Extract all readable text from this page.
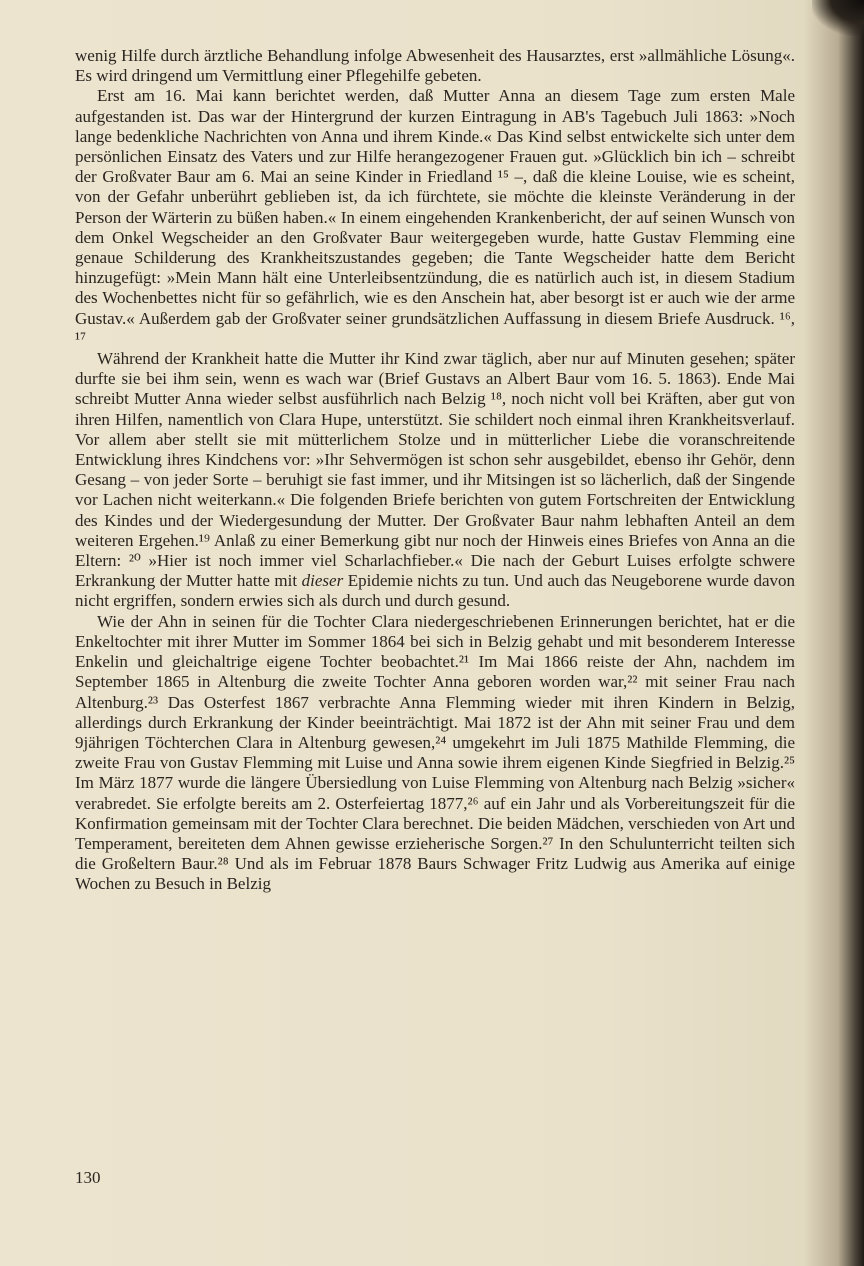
wenig Hilfe durch ärztliche Behandlung infolge Abwesenheit des Hausarztes, erst »allmähliche Lösung«. Es wird dringend um Vermittlung einer Pflegehilfe gebeten.

Erst am 16. Mai kann berichtet werden, daß Mutter Anna an diesem Tage zum ersten Male aufgestanden ist. Das war der Hintergrund der kurzen Eintragung in AB's Tagebuch Juli 1863: »Noch lange bedenkliche Nachrichten von Anna und ihrem Kinde.« Das Kind selbst entwickelte sich unter dem persönlichen Einsatz des Vaters und zur Hilfe herangezogener Frauen gut. »Glücklich bin ich – schreibt der Großvater Baur am 6. Mai an seine Kinder in Friedland ¹⁵ –, daß die kleine Louise, wie es scheint, von der Gefahr unberührt geblieben ist, da ich fürchtete, sie möchte die kleinste Veränderung in der Person der Wärterin zu büßen haben.« In einem eingehenden Krankenbericht, der auf seinen Wunsch von dem Onkel Wegscheider an den Großvater Baur weitergegeben wurde, hatte Gustav Flemming eine genaue Schilderung des Krankheitszustandes gegeben; die Tante Wegscheider hatte dem Bericht hinzugefügt: »Mein Mann hält eine Unterleibsentzündung, die es natürlich auch ist, in diesem Stadium des Wochenbettes nicht für so gefährlich, wie es den Anschein hat, aber besorgt ist er auch wie der arme Gustav.« Außerdem gab der Großvater seiner grundsätzlichen Auffassung in diesem Briefe Ausdruck. ¹⁶, ¹⁷

Während der Krankheit hatte die Mutter ihr Kind zwar täglich, aber nur auf Minuten gesehen; später durfte sie bei ihm sein, wenn es wach war (Brief Gustavs an Albert Baur vom 16. 5. 1863). Ende Mai schreibt Mutter Anna wieder selbst ausführlich nach Belzig ¹⁸, noch nicht voll bei Kräften, aber gut von ihren Hilfen, namentlich von Clara Hupe, unterstützt. Sie schildert noch einmal ihren Krankheitsverlauf. Vor allem aber stellt sie mit mütterlichem Stolze und in mütterlicher Liebe die voranschreitende Entwicklung ihres Kindchens vor: »Ihr Sehvermögen ist schon sehr ausgebildet, ebenso ihr Gehör, denn Gesang – von jeder Sorte – beruhigt sie fast immer, und ihr Mitsingen ist so lächerlich, daß der Singende vor Lachen nicht weiterkann.« Die folgenden Briefe berichten von gutem Fortschreiten der Entwicklung des Kindes und der Wiedergesundung der Mutter. Der Großvater Baur nahm lebhaften Anteil an dem weiteren Ergehen.¹⁹ Anlaß zu einer Bemerkung gibt nur noch der Hinweis eines Briefes von Anna an die Eltern: ²⁰ »Hier ist noch immer viel Scharlachfieber.« Die nach der Geburt Luises erfolgte schwere Erkrankung der Mutter hatte mit dieser Epidemie nichts zu tun. Und auch das Neugeborene wurde davon nicht ergriffen, sondern erwies sich als durch und durch gesund.

Wie der Ahn in seinen für die Tochter Clara niedergeschriebenen Erinnerungen berichtet, hat er die Enkeltochter mit ihrer Mutter im Sommer 1864 bei sich in Belzig gehabt und mit besonderem Interesse Enkelin und gleichaltrige eigene Tochter beobachtet.²¹ Im Mai 1866 reiste der Ahn, nachdem im September 1865 in Altenburg die zweite Tochter Anna geboren worden war,²² mit seiner Frau nach Altenburg.²³ Das Osterfest 1867 verbrachte Anna Flemming wieder mit ihren Kindern in Belzig, allerdings durch Erkrankung der Kinder beeinträchtigt. Mai 1872 ist der Ahn mit seiner Frau und dem 9jährigen Töchterchen Clara in Altenburg gewesen,²⁴ umgekehrt im Juli 1875 Mathilde Flemming, die zweite Frau von Gustav Flemming mit Luise und Anna sowie ihrem eigenen Kinde Siegfried in Belzig.²⁵ Im März 1877 wurde die längere Übersiedlung von Luise Flemming von Altenburg nach Belzig »sicher« verabredet. Sie erfolgte bereits am 2. Osterfeiertag 1877,²⁶ auf ein Jahr und als Vorbereitungszeit für die Konfirmation gemeinsam mit der Tochter Clara berechnet. Die beiden Mädchen, verschieden von Art und Temperament, bereiteten dem Ahnen gewisse erzieherische Sorgen.²⁷ In den Schulunterricht teilten sich die Großeltern Baur.²⁸ Und als im Februar 1878 Baurs Schwager Fritz Ludwig aus Amerika auf einige Wochen zu Besuch in Belzig

130
